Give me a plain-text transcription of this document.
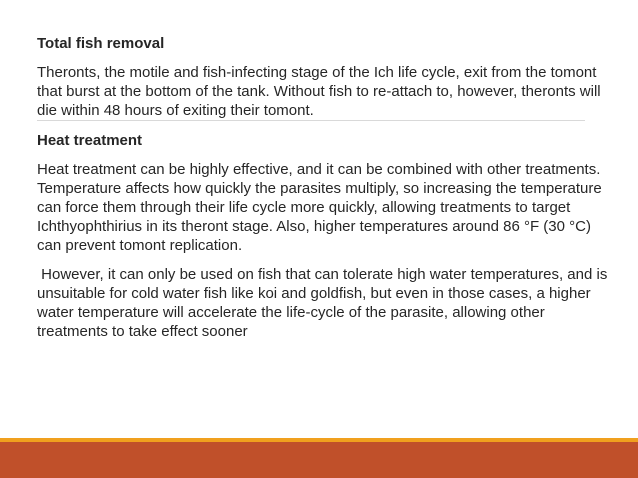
Total fish removal
Theronts, the motile and fish-infecting stage of the Ich life cycle, exit from the tomont that burst at the bottom of the tank. Without fish to re-attach to, however, theronts will die within 48 hours of exiting their tomont.
Heat treatment
Heat treatment can be highly effective, and it can be combined with other treatments. Temperature affects how quickly the parasites multiply, so increasing the temperature can force them through their life cycle more quickly, allowing treatments to target Ichthyophthirius in its theront stage. Also, higher temperatures around 86 °F (30 °C) can prevent tomont replication.
However, it can only be used on fish that can tolerate high water temperatures, and is unsuitable for cold water fish like koi and goldfish, but even in those cases, a higher water temperature will accelerate the life-cycle of the parasite, allowing other treatments to take effect sooner
